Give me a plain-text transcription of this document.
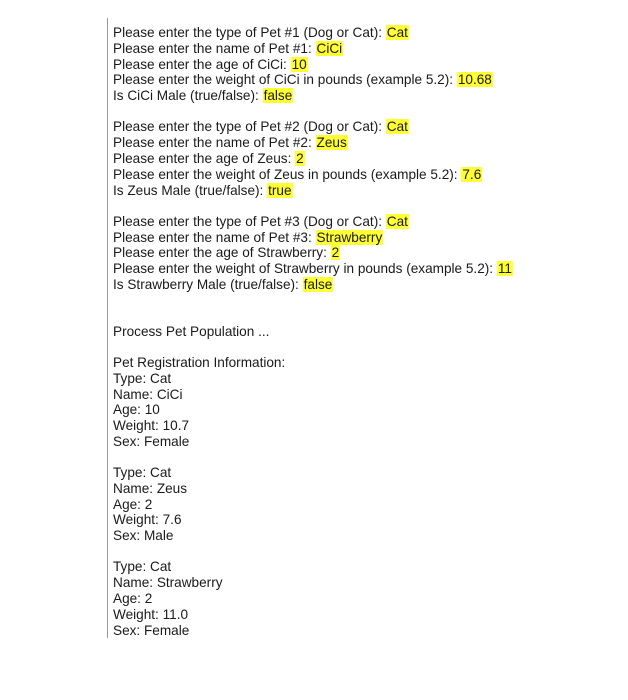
Please enter the type of Pet #1 (Dog or Cat): Cat
Please enter the name of Pet #1: CiCi
Please enter the age of CiCi: 10
Please enter the weight of CiCi in pounds (example 5.2): 10.68
Is CiCi Male (true/false): false
Please enter the type of Pet #2 (Dog or Cat): Cat
Please enter the name of Pet #2: Zeus
Please enter the age of Zeus: 2
Please enter the weight of Zeus in pounds (example 5.2): 7.6
Is Zeus Male (true/false): true
Please enter the type of Pet #3 (Dog or Cat): Cat
Please enter the name of Pet #3: Strawberry
Please enter the age of Strawberry: 2
Please enter the weight of Strawberry in pounds (example 5.2): 11
Is Strawberry Male (true/false): false
Process Pet Population ...
Pet Registration Information:
Type: Cat
Name: CiCi
Age: 10
Weight: 10.7
Sex: Female
Type: Cat
Name: Zeus
Age: 2
Weight: 7.6
Sex: Male
Type: Cat
Name: Strawberry
Age: 2
Weight: 11.0
Sex: Female
